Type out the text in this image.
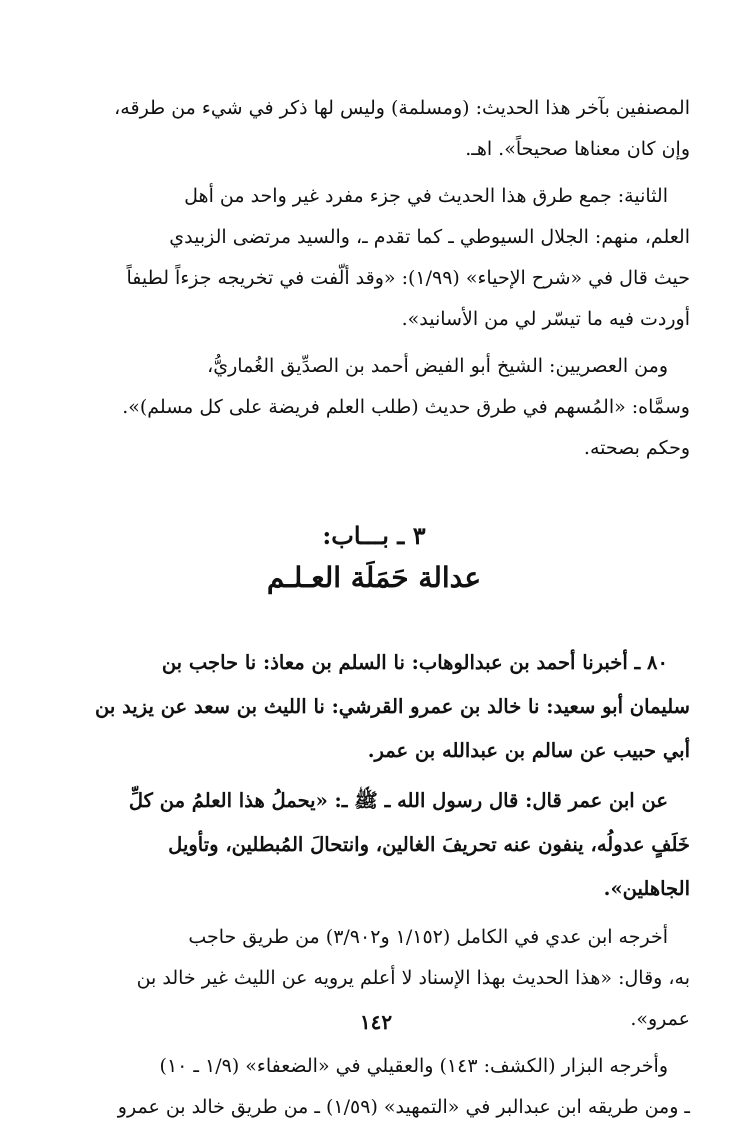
المصنفين بآخر هذا الحديث: (ومسلمة) وليس لها ذكر في شيء من طرقه،

وإن كان معناها صحيحاً». اهـ.

الثانية: جمع طرق هذا الحديث في جزء مفرد غير واحد من أهل

العلم، منهم: الجلال السيوطي ـ كما تقدم ـ، والسيد مرتضى الزبيدي

حيث قال في «شرح الإحياء» (١/٩٩): «وقد ألّفت في تخريجه جزءاً لطيفاً

أوردت فيه ما تيسّر لي من الأسانيد».

ومن العصريين: الشيخ أبو الفيض أحمد بن الصدِّيق الغُماريُّ،

وسمَّاه: «المُسهم في طرق حديث (طلب العلم فريضة على كل مسلم)».

وحكم بصحته.

٣ ـ بـــاب:
عدالة حَمَلَة العـلـم

٨٠ ـ أخبرنا أحمد بن عبدالوهاب: نا السلم بن معاذ: نا حاجب بن

سليمان أبو سعيد: نا خالد بن عمرو القرشي: نا الليث بن سعد عن يزيد بن

أبي حبيب عن سالم بن عبدالله بن عمر.

عن ابن عمر قال: قال رسول الله ـ ﷺ ـ: «يحملُ هذا العلمُ من كلِّ

خَلَفٍ عدولُه، ينفون عنه تحريفَ الغالين، وانتحالَ المُبطلين، وتأويل

الجاهلين».

أخرجه ابن عدي في الكامل (١/١٥٢ و٣/٩٠٢) من طريق حاجب

به، وقال: «هذا الحديث بهذا الإسناد لا أعلم يرويه عن الليث غير خالد بن

عمرو».

وأخرجه البزار (الكشف: ١٤٣) والعقيلي في «الضعفاء» (١/٩ ـ ١٠)

ـ ومن طريقه ابن عبدالبر في «التمهيد» (١/٥٩) ـ من طريق خالد بن عمرو

١٤٢
